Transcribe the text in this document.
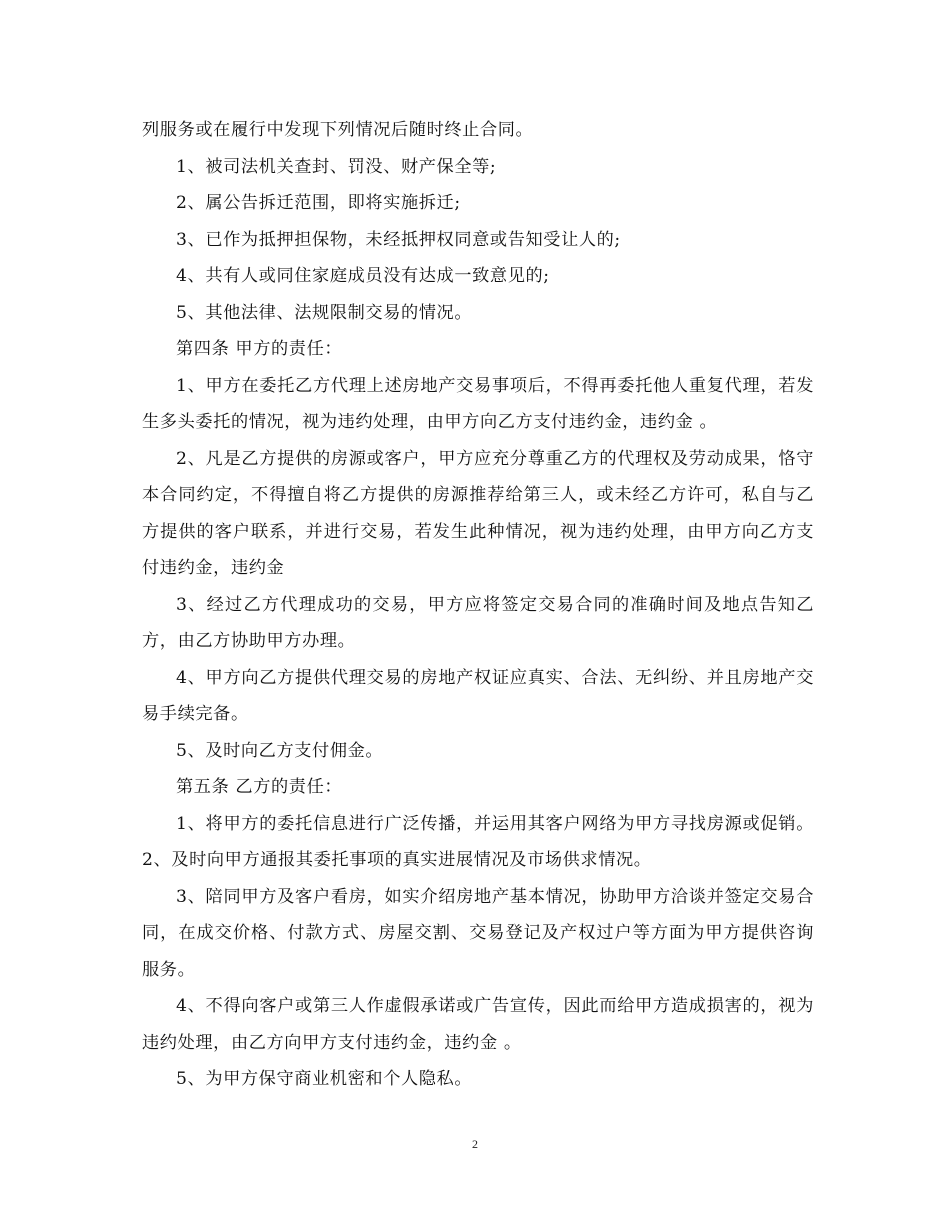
列服务或在履行中发现下列情况后随时终止合同。

1、被司法机关查封、罚没、财产保全等;

2、属公告拆迁范围，即将实施拆迁;

3、已作为抵押担保物，未经抵押权同意或告知受让人的;

4、共有人或同住家庭成员没有达成一致意见的;

5、其他法律、法规限制交易的情况。

第四条 甲方的责任：

1、甲方在委托乙方代理上述房地产交易事项后，不得再委托他人重复代理，若发生多头委托的情况，视为违约处理，由甲方向乙方支付违约金，违约金 。

2、凡是乙方提供的房源或客户，甲方应充分尊重乙方的代理权及劳动成果，恪守本合同约定，不得擅自将乙方提供的房源推荐给第三人，或未经乙方许可，私自与乙方提供的客户联系，并进行交易，若发生此种情况，视为违约处理，由甲方向乙方支付违约金，违约金

3、经过乙方代理成功的交易，甲方应将签定交易合同的准确时间及地点告知乙方，由乙方协助甲方办理。

4、甲方向乙方提供代理交易的房地产权证应真实、合法、无纠纷、并且房地产交易手续完备。

5、及时向乙方支付佣金。

第五条 乙方的责任：

1、将甲方的委托信息进行广泛传播，并运用其客户网络为甲方寻找房源或促销。 2、及时向甲方通报其委托事项的真实进展情况及市场供求情况。

3、陪同甲方及客户看房，如实介绍房地产基本情况，协助甲方洽谈并签定交易合同，在成交价格、付款方式、房屋交割、交易登记及产权过户等方面为甲方提供咨询服务。

4、不得向客户或第三人作虚假承诺或广告宣传，因此而给甲方造成损害的，视为违约处理，由乙方向甲方支付违约金，违约金 。

5、为甲方保守商业机密和个人隐私。

2
